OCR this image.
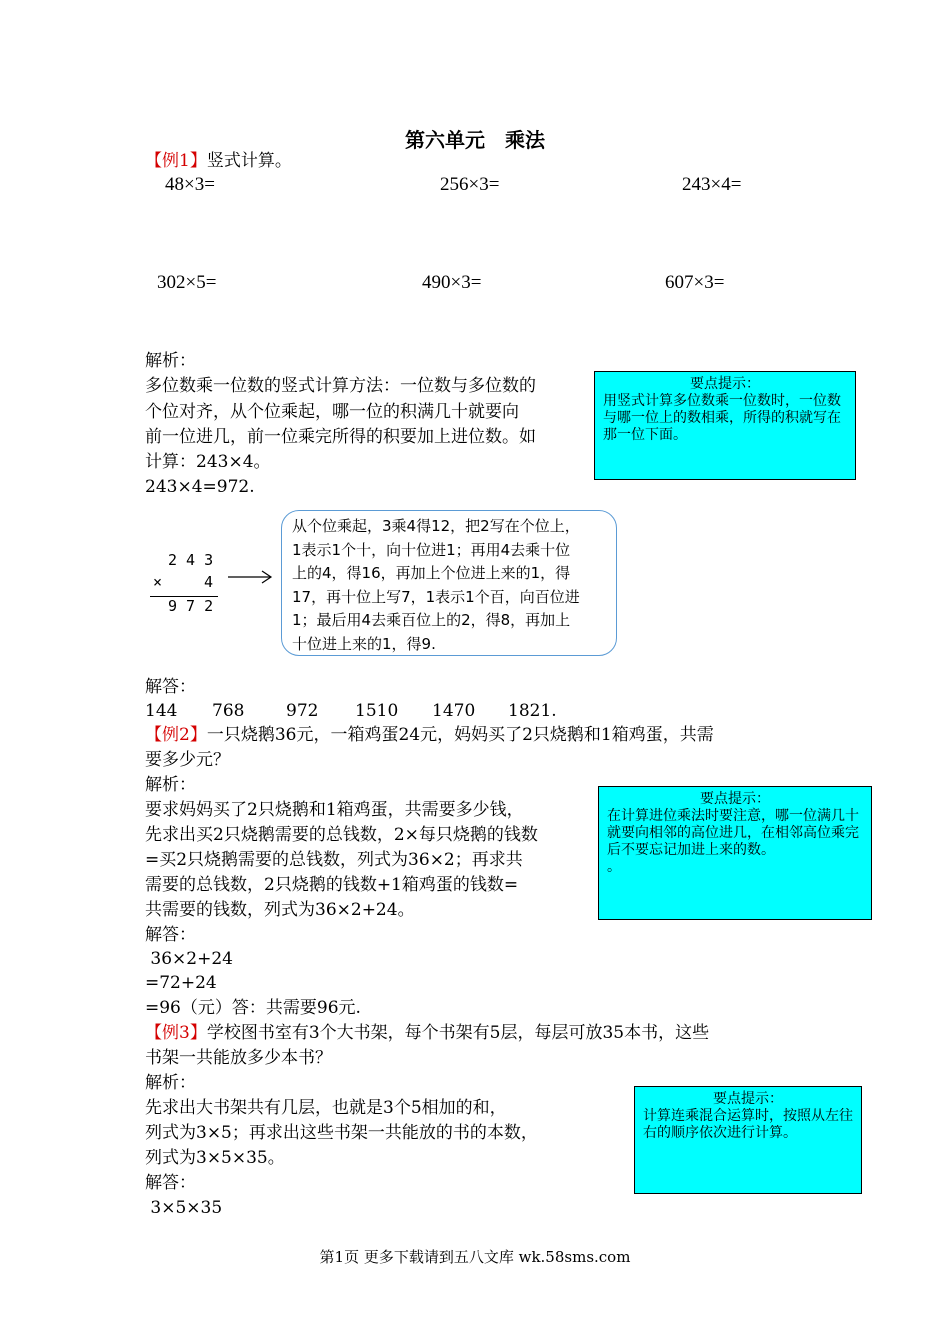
第六单元　乘法
【例1】竖式计算。
48×3=	256×3=	243×4=
302×5=	490×3=	607×3=
解析：
多位数乘一位数的竖式计算方法：一位数与多位数的
个位对齐，从个位乘起，哪一位的积满几十就要向
前一位进几，前一位乘完所得的积要加上进位数。如
计算：243×4。
243×4=972.
要点提示：
用竖式计算多位数乘一位数时，一位数与哪一位上的数相乘，所得的积就写在那一位下面。
2 4 3
×	4
9 7 2
从个位乘起，3乘4得12，把2写在个位上，
1表示1个十，向十位进1；再用4去乘十位
上的4，得16，再加上个位进上来的1，得
17，再十位上写7，1表示1个百，向百位进
1；最后用4去乘百位上的2，得8，再加上
十位进上来的1，得9.
解答：
144 768 972 1510 1470 1821.
【例2】一只烧鹅36元，一箱鸡蛋24元，妈妈买了2只烧鹅和1箱鸡蛋，共需
要多少元？
解析：
要求妈妈买了2只烧鹅和1箱鸡蛋，共需要多少钱，
先求出买2只烧鹅需要的总钱数，2×每只烧鹅的钱数
=买2只烧鹅需要的总钱数，列式为36×2；再求共
需要的总钱数，2只烧鹅的钱数+1箱鸡蛋的钱数=
共需要的钱数，列式为36×2+24。
要点提示：
在计算进位乘法时要注意，哪一位满几十就要向相邻的高位进几，在相邻高位乘完后不要忘记加进上来的数。
。
解答：
36×2+24
=72+24
=96（元）答：共需要96元.
【例3】学校图书室有3个大书架，每个书架有5层，每层可放35本书，这些
书架一共能放多少本书？
解析：
先求出大书架共有几层，也就是3个5相加的和，
列式为3×5；再求出这些书架一共能放的书的本数，
列式为3×5×35。
要点提示：
计算连乘混合运算时，按照从左往右的顺序依次进行计算。
解答：
3×5×35
第1页 更多下载请到五八文库 wk.58sms.com
